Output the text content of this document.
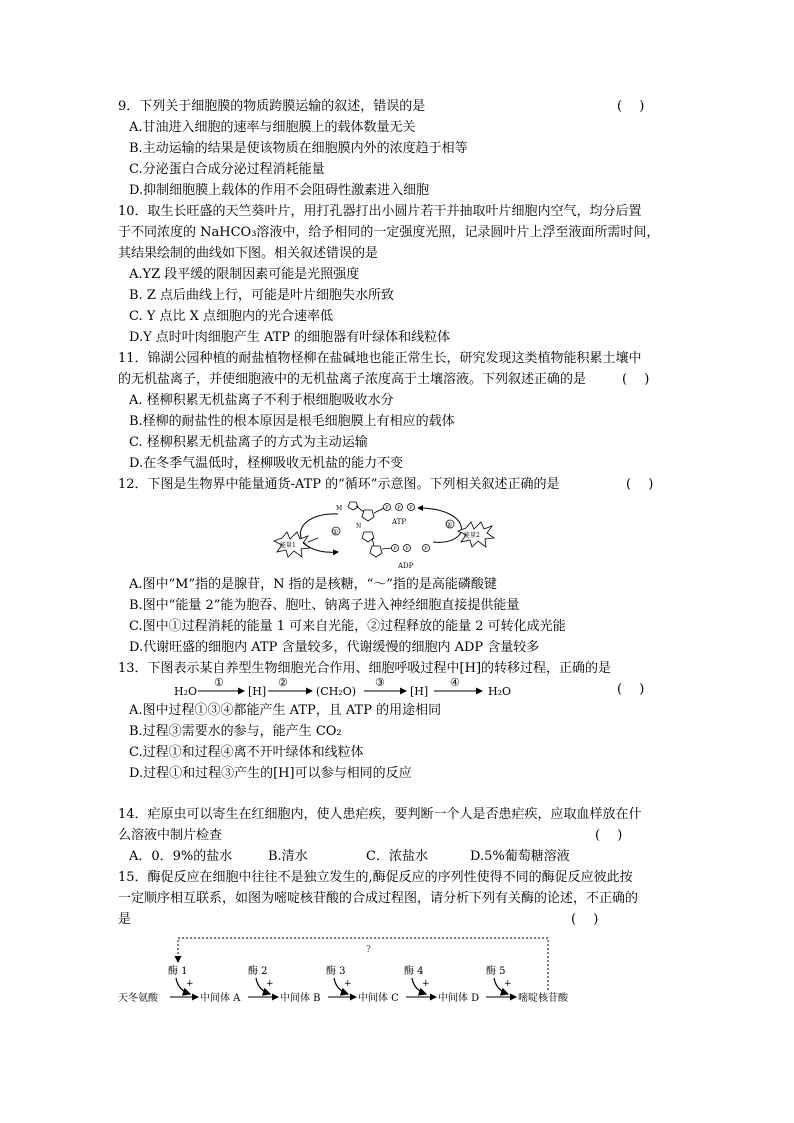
9．下列关于细胞膜的物质跨膜运输的叙述，错误的是	(　 )
A.甘油进入细胞的速率与细胞膜上的载体数量无关
B.主动运输的结果是使该物质在细胞膜内外的浓度趋于相等
C.分泌蛋白合成分泌过程消耗能量
D.抑制细胞膜上载体的作用不会阻碍性激素进入细胞
10．取生长旺盛的天竺葵叶片，用打孔器打出小圆片若干并抽取叶片细胞内空气，均分后置
于不同浓度的 NaHCO₃溶液中，给予相同的一定强度光照，记录圆叶片上浮至液面所需时间，
其结果绘制的曲线如下图。相关叙述错误的是
A.YZ 段平缓的限制因素可能是光照强度
B. Z 点后曲线上行，可能是叶片细胞失水所致
C. Y 点比 X 点细胞内的光合速率低
D.Y 点时叶肉细胞产生 ATP 的细胞器有叶绿体和线粒体
11．锦湖公园种植的耐盐植物柽柳在盐碱地也能正常生长，研究发现这类植物能积累土壤中
的无机盐离子，并使细胞液中的无机盐离子浓度高于土壤溶液。下列叙述正确的是	(　 )
A. 柽柳积累无机盐离子不利于根细胞吸收水分
B.柽柳的耐盐性的根本原因是根毛细胞膜上有相应的载体
C. 柽柳积累无机盐离子的方式为主动运输
D.在冬季气温低时，柽柳吸收无机盐的能力不变
12．下图是生物界中能量通货-ATP 的“循环”示意图。下列相关叙述正确的是	(　 )
M	P P P
ATP
N
P P	P
ADP
①
②
能量1
能量2
A.图中“M”指的是腺苷，N 指的是核糖，“～”指的是高能磷酸键
B.图中“能量 2”能为胞吞、胞吐、钠离子进入神经细胞直接提供能量
C.图中①过程消耗的能量 1 可来自光能，②过程释放的能量 2 可转化成光能
D.代谢旺盛的细胞内 ATP 含量较多，代谢缓慢的细胞内 ADP 含量较多
13．下图表示某自养型生物细胞光合作用、细胞呼吸过程中[H]的转移过程，正确的是
H₂O
①
[H]
②
(CH₂O)
③
[H]
④
H₂O	(　 )
A.图中过程①③④都能产生 ATP，且 ATP 的用途相同
B.过程③需要水的参与，能产生 CO₂
C.过程①和过程④离不开叶绿体和线粒体
D.过程①和过程③产生的[H]可以参与相同的反应
14．疟原虫可以寄生在红细胞内，使人患疟疾，要判断一个人是否患疟疾，应取血样放在什
么溶液中制片检查	(　 )
A．0．9%的盐水	B.清水	C．浓盐水	D.5%葡萄糖溶液
15．酶促反应在细胞中往往不是独立发生的,酶促反应的序列性使得不同的酶促反应彼此按
一定顺序相互联系，如图为嘧啶核苷酸的合成过程图，请分析下列有关酶的论述，不正确的
是	(　 )
?
酶 1	酶 2	酶 3	酶 4	酶 5
+	+	+	+	+
天冬氨酸	中间体 A	中间体 B	中间体 C	中间体 D	嘧啶核苷酸
